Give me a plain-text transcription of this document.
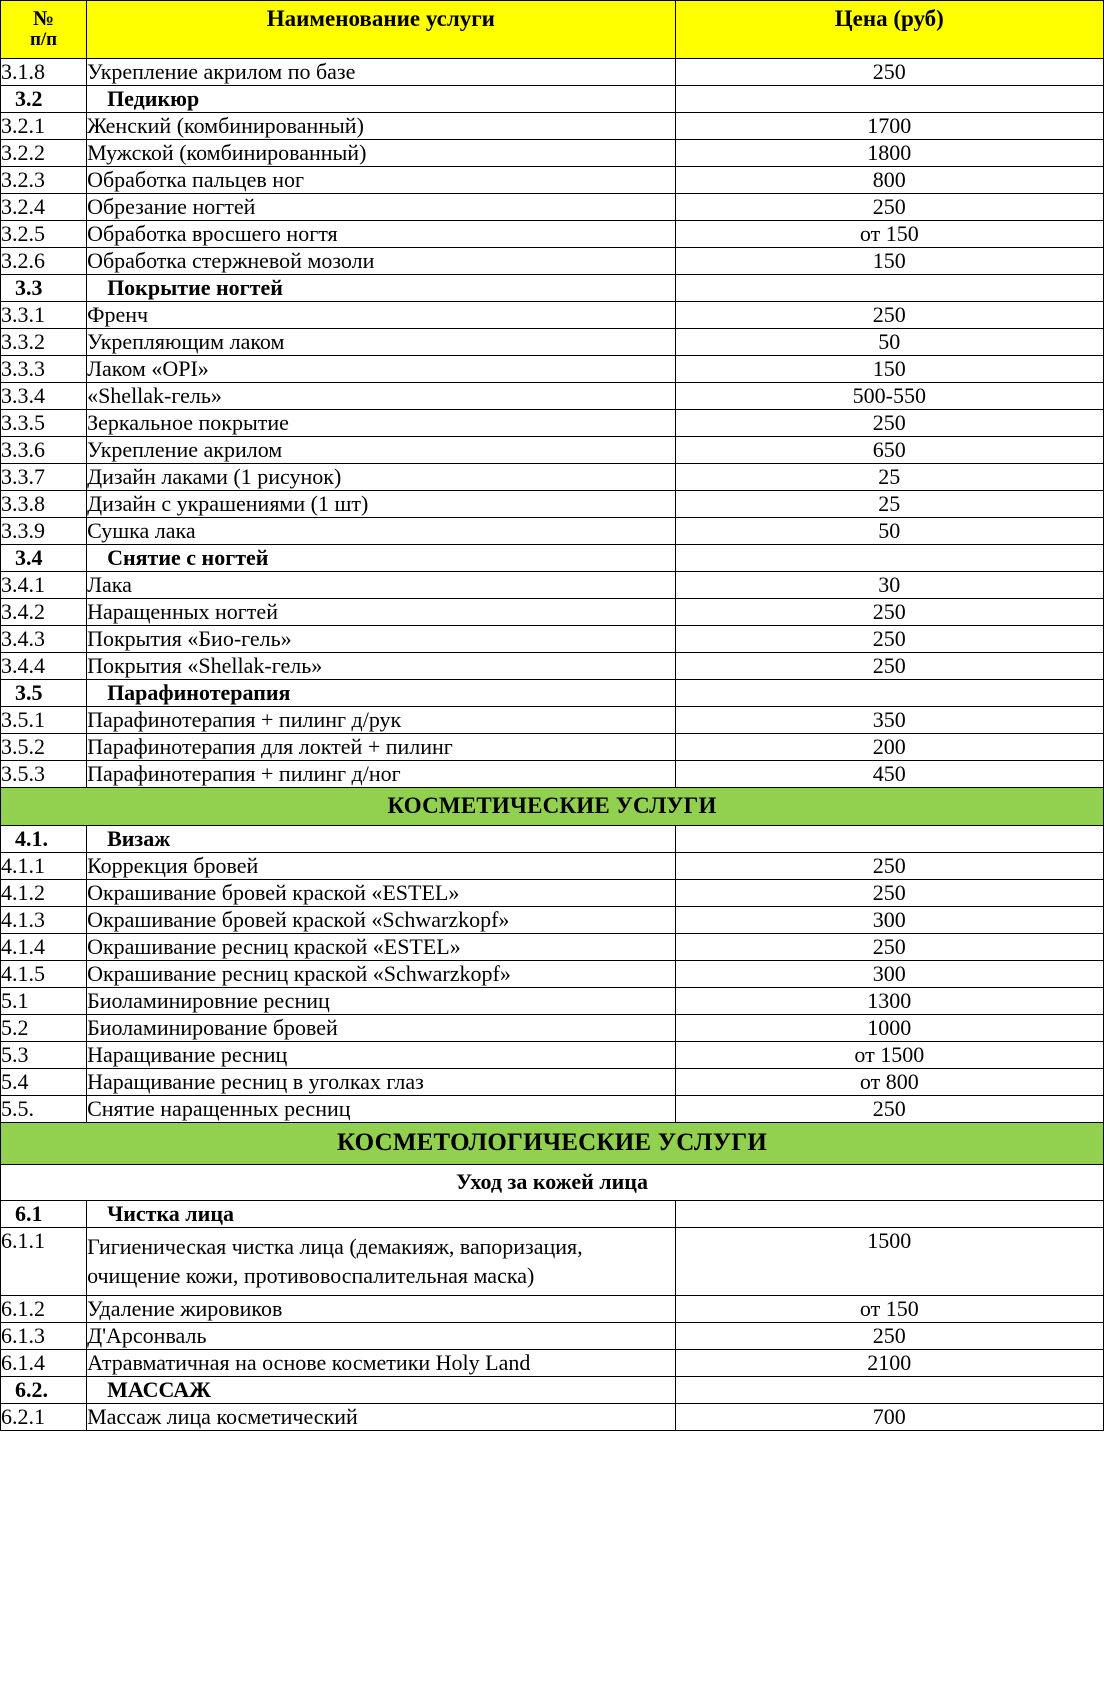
№
п/п	Наименование услуги	Цена (руб)
3.1.8	Укрепление акрилом по базе	250
3.2	Педикюр	
3.2.1	Женский (комбинированный)	1700
3.2.2	Мужской (комбинированный)	1800
3.2.3	Обработка пальцев ног	800
3.2.4	Обрезание ногтей	250
3.2.5	Обработка вросшего ногтя	от 150
3.2.6	Обработка стержневой мозоли	150
3.3	Покрытие ногтей	
3.3.1	Френч	250
3.3.2	Укрепляющим лаком	50
3.3.3	Лаком «OPI»	150
3.3.4	«Shellak-гель»	500-550
3.3.5	Зеркальное покрытие	250
3.3.6	Укрепление акрилом	650
3.3.7	Дизайн лаками (1 рисунок)	25
3.3.8	Дизайн с украшениями (1 шт)	25
3.3.9	Сушка лака	50
3.4	Снятие с ногтей	
3.4.1	Лака	30
3.4.2	Наращенных ногтей	250
3.4.3	Покрытия «Био-гель»	250
3.4.4	Покрытия «Shellak-гель»	250
3.5	Парафинотерапия	
3.5.1	Парафинотерапия + пилинг д/рук	350
3.5.2	Парафинотерапия для локтей + пилинг	200
3.5.3	Парафинотерапия + пилинг д/ног	450
КОСМЕТИЧЕСКИЕ УСЛУГИ		
4.1.	Визаж	
4.1.1	Коррекция бровей	250
4.1.2	Окрашивание бровей краской «ESTEL»	250
4.1.3	Окрашивание бровей краской «Schwarzkopf»	300
4.1.4	Окрашивание ресниц краской «ESTEL»	250
4.1.5	Окрашивание ресниц краской «Schwarzkopf»	300
5.1	Биоламинировние ресниц	1300
5.2	Биоламинирование бровей	1000
5.3	Наращивание ресниц	от 1500
5.4	Наращивание ресниц в уголках глаз	от 800
5.5.	Снятие наращенных ресниц	250
КОСМЕТОЛОГИЧЕСКИЕ УСЛУГИ		
Уход за кожей лица		
6.1	Чистка лица	
6.1.1	Гигиеническая чистка лица (демакияж, вапоризация, очищение кожи, противовоспалительная маска)	1500
6.1.2	Удаление жировиков	от 150
6.1.3	Д'Арсонваль	250
6.1.4	Атравматичная на основе косметики Holy Land	2100
6.2.	МАССАЖ	
6.2.1	Массаж лица косметический	700
